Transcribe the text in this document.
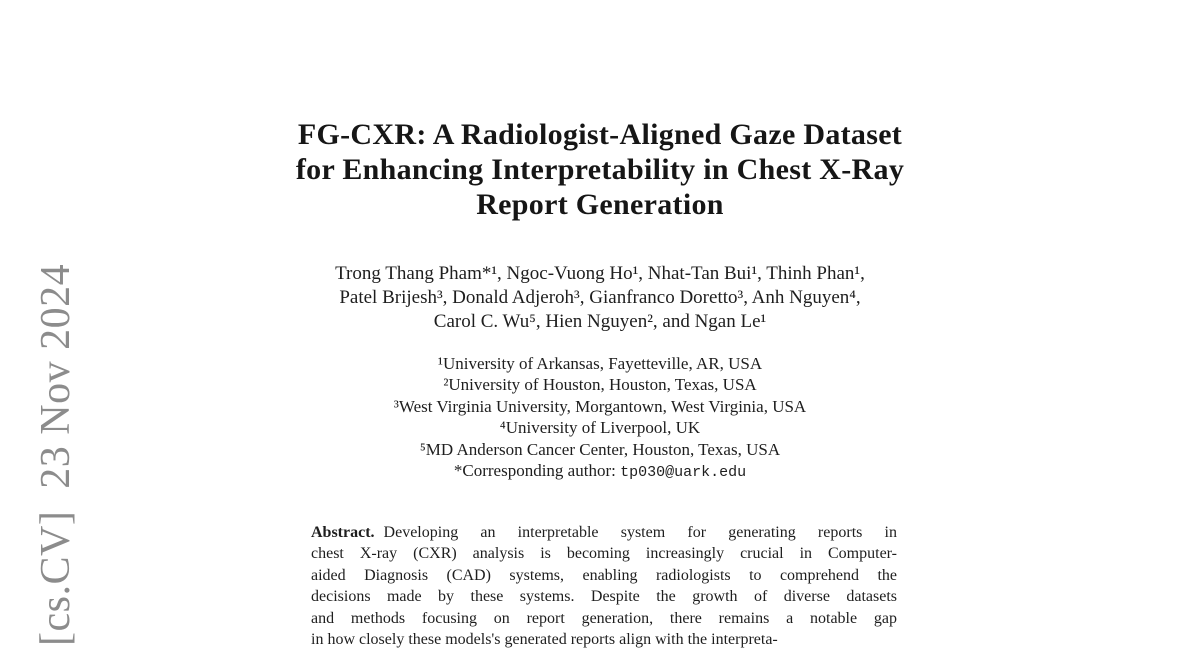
[cs.CV]  23 Nov 2024
FG-CXR: A Radiologist-Aligned Gaze Dataset
for Enhancing Interpretability in Chest X-Ray
Report Generation
Trong Thang Pham*¹, Ngoc-Vuong Ho¹, Nhat-Tan Bui¹, Thinh Phan¹,
Patel Brijesh³, Donald Adjeroh³, Gianfranco Doretto³, Anh Nguyen⁴,
Carol C. Wu⁵, Hien Nguyen², and Ngan Le¹
¹University of Arkansas, Fayetteville, AR, USA
²University of Houston, Houston, Texas, USA
³West Virginia University, Morgantown, West Virginia, USA
⁴University of Liverpool, UK
⁵MD Anderson Cancer Center, Houston, Texas, USA
*Corresponding author: tp030@uark.edu
Abstract. Developing an interpretable system for generating reports in
chest X-ray (CXR) analysis is becoming increasingly crucial in Computer-
aided Diagnosis (CAD) systems, enabling radiologists to comprehend the
decisions made by these systems. Despite the growth of diverse datasets
and methods focusing on report generation, there remains a notable gap
in how closely these models's generated reports align with the interpreta-
